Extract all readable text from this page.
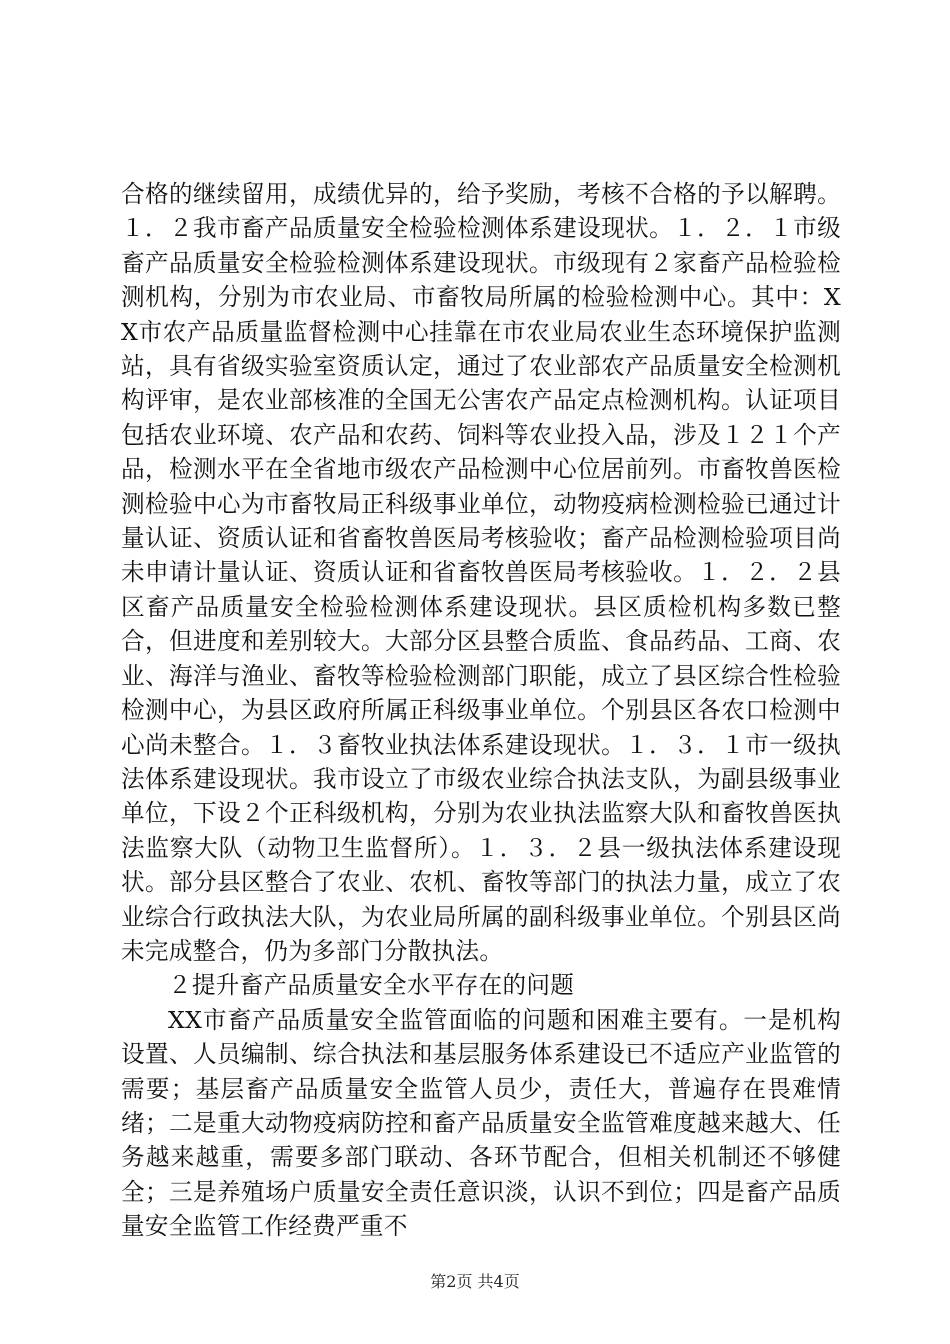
合格的继续留用，成绩优异的，给予奖励，考核不合格的予以解聘。１．２我市畜产品质量安全检验检测体系建设现状。１．２．１市级畜产品质量安全检验检测体系建设现状。市级现有２家畜产品检验检测机构，分别为市农业局、市畜牧局所属的检验检测中心。其中：XX市农产品质量监督检测中心挂靠在市农业局农业生态环境保护监测站，具有省级实验室资质认定，通过了农业部农产品质量安全检测机构评审，是农业部核准的全国无公害农产品定点检测机构。认证项目包括农业环境、农产品和农药、饲料等农业投入品，涉及１２１个产品，检测水平在全省地市级农产品检测中心位居前列。市畜牧兽医检测检验中心为市畜牧局正科级事业单位，动物疫病检测检验已通过计量认证、资质认证和省畜牧兽医局考核验收；畜产品检测检验项目尚未申请计量认证、资质认证和省畜牧兽医局考核验收。１．２．２县区畜产品质量安全检验检测体系建设现状。县区质检机构多数已整合，但进度和差别较大。大部分区县整合质监、食品药品、工商、农业、海洋与渔业、畜牧等检验检测部门职能，成立了县区综合性检验检测中心，为县区政府所属正科级事业单位。个别县区各农口检测中心尚未整合。１．３畜牧业执法体系建设现状。１．３．１市一级执法体系建设现状。我市设立了市级农业综合执法支队，为副县级事业单位，下设２个正科级机构，分别为农业执法监察大队和畜牧兽医执法监察大队（动物卫生监督所）。１．３．２县一级执法体系建设现状。部分县区整合了农业、农机、畜牧等部门的执法力量，成立了农业综合行政执法大队，为农业局所属的副科级事业单位。个别县区尚未完成整合，仍为多部门分散执法。

２提升畜产品质量安全水平存在的问题

XX市畜产品质量安全监管面临的问题和困难主要有。一是机构设置、人员编制、综合执法和基层服务体系建设已不适应产业监管的需要；基层畜产品质量安全监管人员少，责任大，普遍存在畏难情绪；二是重大动物疫病防控和畜产品质量安全监管难度越来越大、任务越来越重，需要多部门联动、各环节配合，但相关机制还不够健全；三是养殖场户质量安全责任意识淡，认识不到位；四是畜产品质量安全监管工作经费严重不

第2页 共4页
